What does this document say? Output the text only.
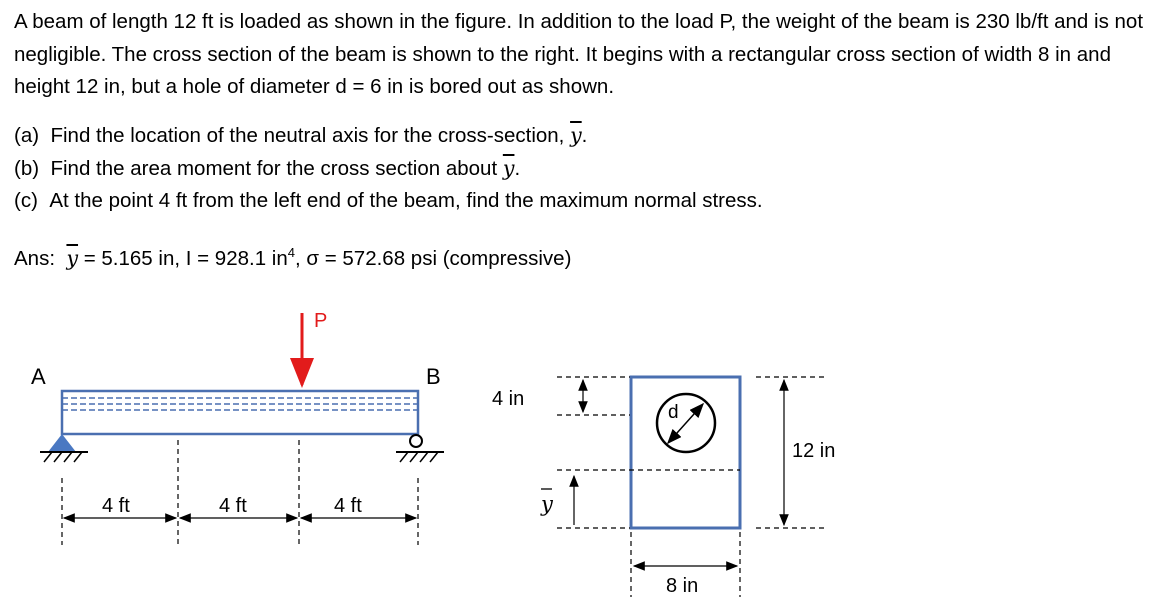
A beam of length 12 ft is loaded as shown in the figure. In addition to the load P, the weight of the beam is 230 lb/ft and is not negligible. The cross section of the beam is shown to the right. It begins with a rectangular cross section of width 8 in and height 12 in, but a hole of diameter d = 6 in is bored out as shown.
(a) Find the location of the neutral axis for the cross-section, $\overline{y}$.
(b) Find the area moment for the cross section about $\overline{y}$.
(c) At the point 4 ft from the left end of the beam, find the maximum normal stress.
Ans: $\overline{y} = 5.165$ in, I = 928.1 $in^4$, σ = 572.68 psi (compressive)
P
A	B
4 ft	4 ft	4 ft
d
4 in
12 in
y
8 in
